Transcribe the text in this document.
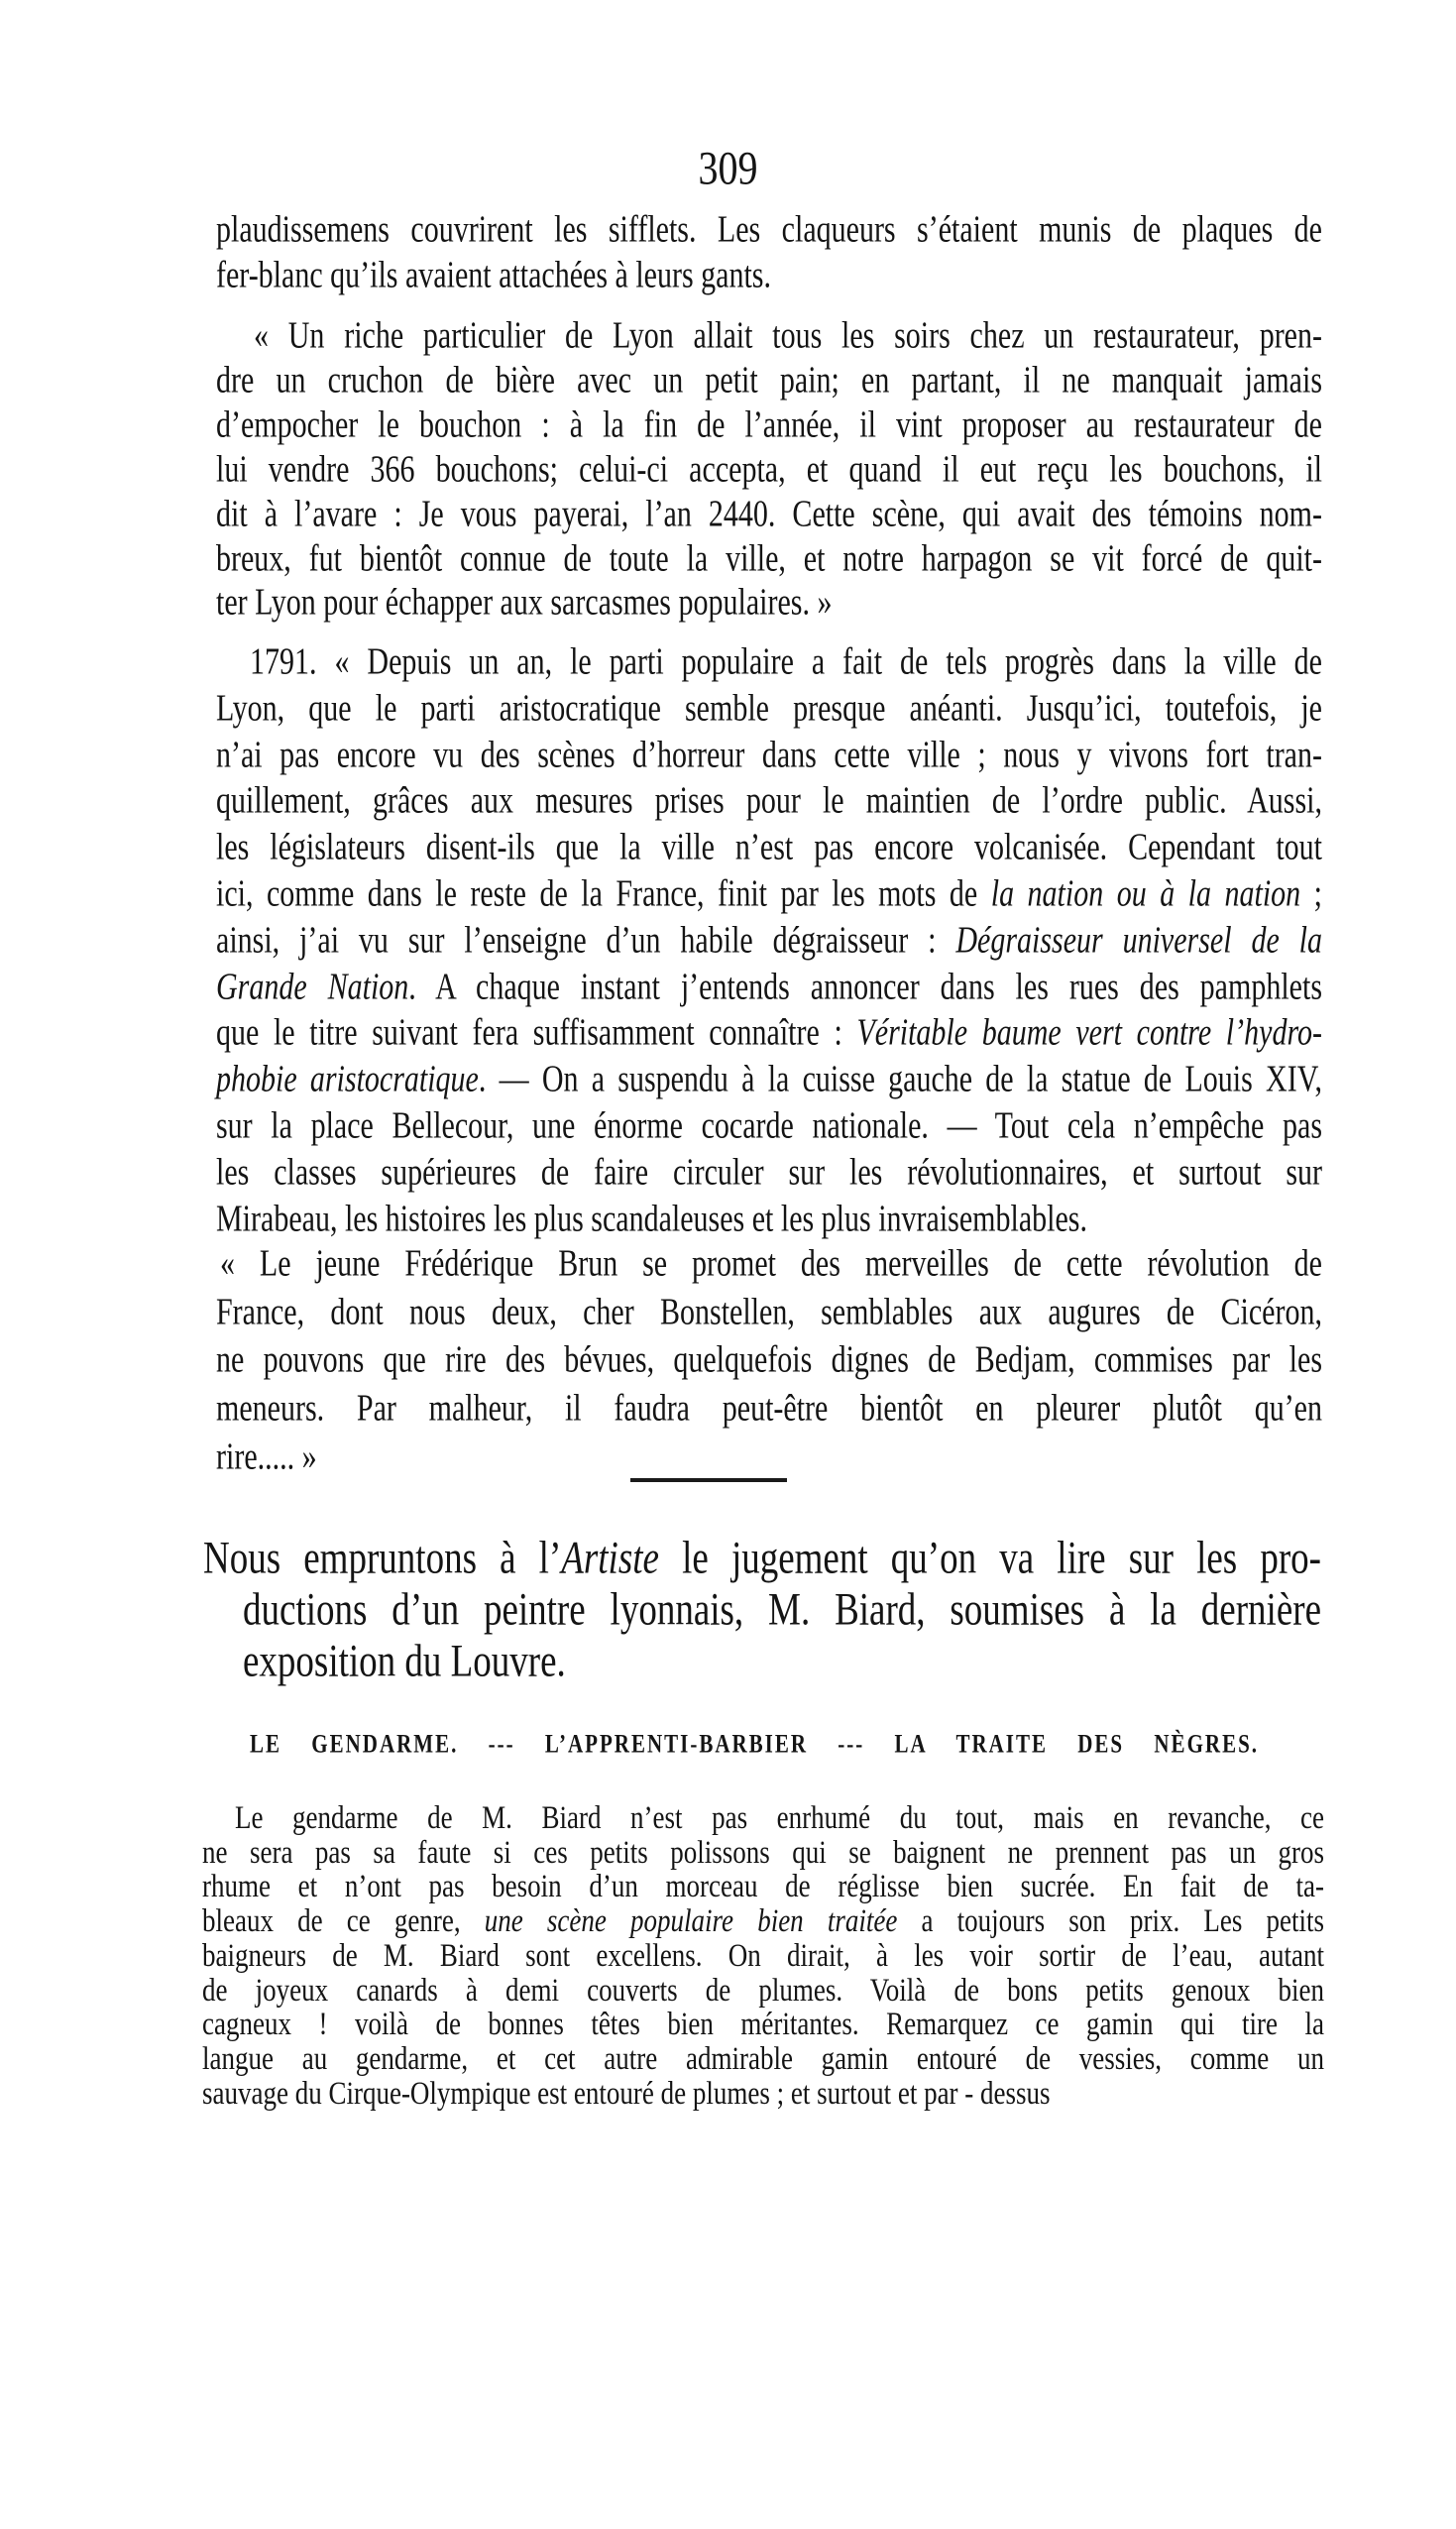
309
plaudissemens couvrirent les sifflets. Les claqueurs s’étaient munis de plaques de
fer-blanc qu’ils avaient attachées à leurs gants.
« Un riche particulier de Lyon allait tous les soirs chez un restaurateur, pren-
dre un cruchon de bière avec un petit pain; en partant, il ne manquait jamais
d’empocher le bouchon : à la fin de l’année, il vint proposer au restaurateur de
lui vendre 366 bouchons; celui-ci accepta, et quand il eut reçu les bouchons, il
dit à l’avare : Je vous payerai, l’an 2440. Cette scène, qui avait des témoins nom-
breux, fut bientôt connue de toute la ville, et notre harpagon se vit forcé de quit-
ter Lyon pour échapper aux sarcasmes populaires. »
1791. « Depuis un an, le parti populaire a fait de tels progrès dans la ville de
Lyon, que le parti aristocratique semble presque anéanti. Jusqu’ici, toutefois, je
n’ai pas encore vu des scènes d’horreur dans cette ville ; nous y vivons fort tran-
quillement, grâces aux mesures prises pour le maintien de l’ordre public. Aussi,
les législateurs disent-ils que la ville n’est pas encore volcanisée. Cependant tout
ici, comme dans le reste de la France, finit par les mots de la nation ou à la nation ;
ainsi, j’ai vu sur l’enseigne d’un habile dégraisseur : Dégraisseur universel de la
Grande Nation. A chaque instant j’entends annoncer dans les rues des pamphlets
que le titre suivant fera suffisamment connaître : Véritable baume vert contre l’hydro-
phobie aristocratique. — On a suspendu à la cuisse gauche de la statue de Louis XIV,
sur la place Bellecour, une énorme cocarde nationale. — Tout cela n’empêche pas
les classes supérieures de faire circuler sur les révolutionnaires, et surtout sur
Mirabeau, les histoires les plus scandaleuses et les plus invraisemblables.
« Le jeune Frédérique Brun se promet des merveilles de cette révolution de
France, dont nous deux, cher Bonstellen, semblables aux augures de Cicéron,
ne pouvons que rire des bévues, quelquefois dignes de Bedjam, commises par les
meneurs. Par malheur, il faudra peut-être bientôt en pleurer plutôt qu’en
rire..... »
Nous empruntons à l’Artiste le jugement qu’on va lire sur les pro-
ductions d’un peintre lyonnais, M. Biard, soumises à la dernière
exposition du Louvre.
LE GENDARME. --- L’APPRENTI-BARBIER --- LA TRAITE DES NÈGRES.
Le gendarme de M. Biard n’est pas enrhumé du tout, mais en revanche, ce
ne sera pas sa faute si ces petits polissons qui se baignent ne prennent pas un gros
rhume et n’ont pas besoin d’un morceau de réglisse bien sucrée. En fait de ta-
bleaux de ce genre, une scène populaire bien traitée a toujours son prix. Les petits
baigneurs de M. Biard sont excellens. On dirait, à les voir sortir de l’eau, autant
de joyeux canards à demi couverts de plumes. Voilà de bons petits genoux bien
cagneux ! voilà de bonnes têtes bien méritantes. Remarquez ce gamin qui tire la
langue au gendarme, et cet autre admirable gamin entouré de vessies, comme un
sauvage du Cirque-Olympique est entouré de plumes ; et surtout et par - dessus
